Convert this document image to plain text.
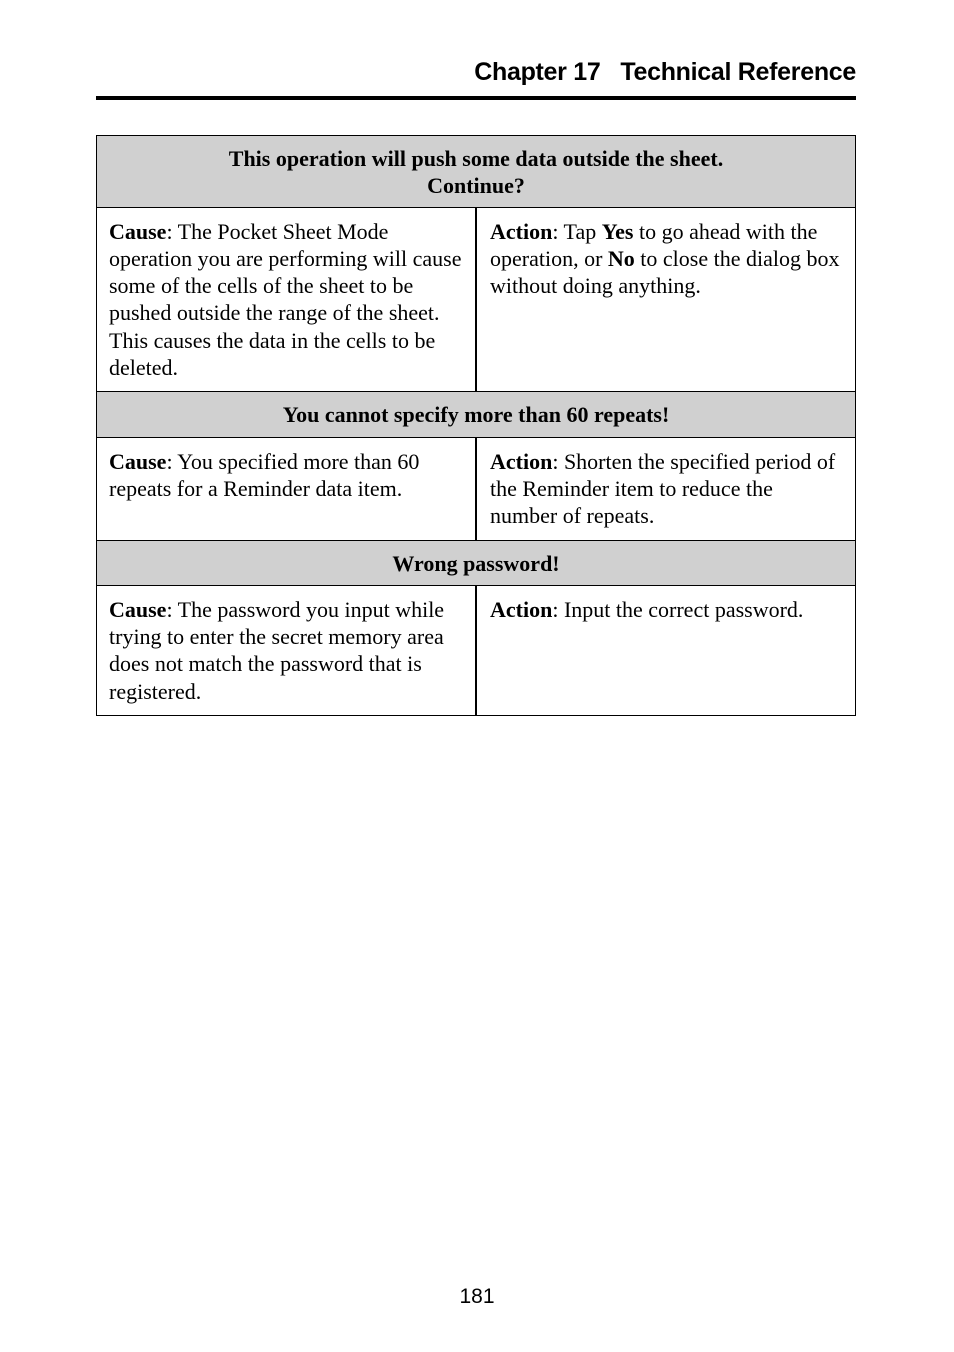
Chapter 17 Technical Reference
This operation will push some data outside the sheet.
Continue?	
Cause: The Pocket Sheet Mode operation you are performing will cause some of the cells of the sheet to be pushed outside the range of the sheet. This causes the data in the cells to be deleted.	Action: Tap Yes to go ahead with the operation, or No to close the dialog box without doing anything.
You cannot specify more than 60 repeats!	
Cause: You specified more than 60 repeats for a Reminder data item.	Action: Shorten the specified period of the Reminder item to reduce the number of repeats.
Wrong password!	
Cause: The password you input while trying to enter the secret memory area does not match the password that is registered.	Action: Input the correct password.
181
